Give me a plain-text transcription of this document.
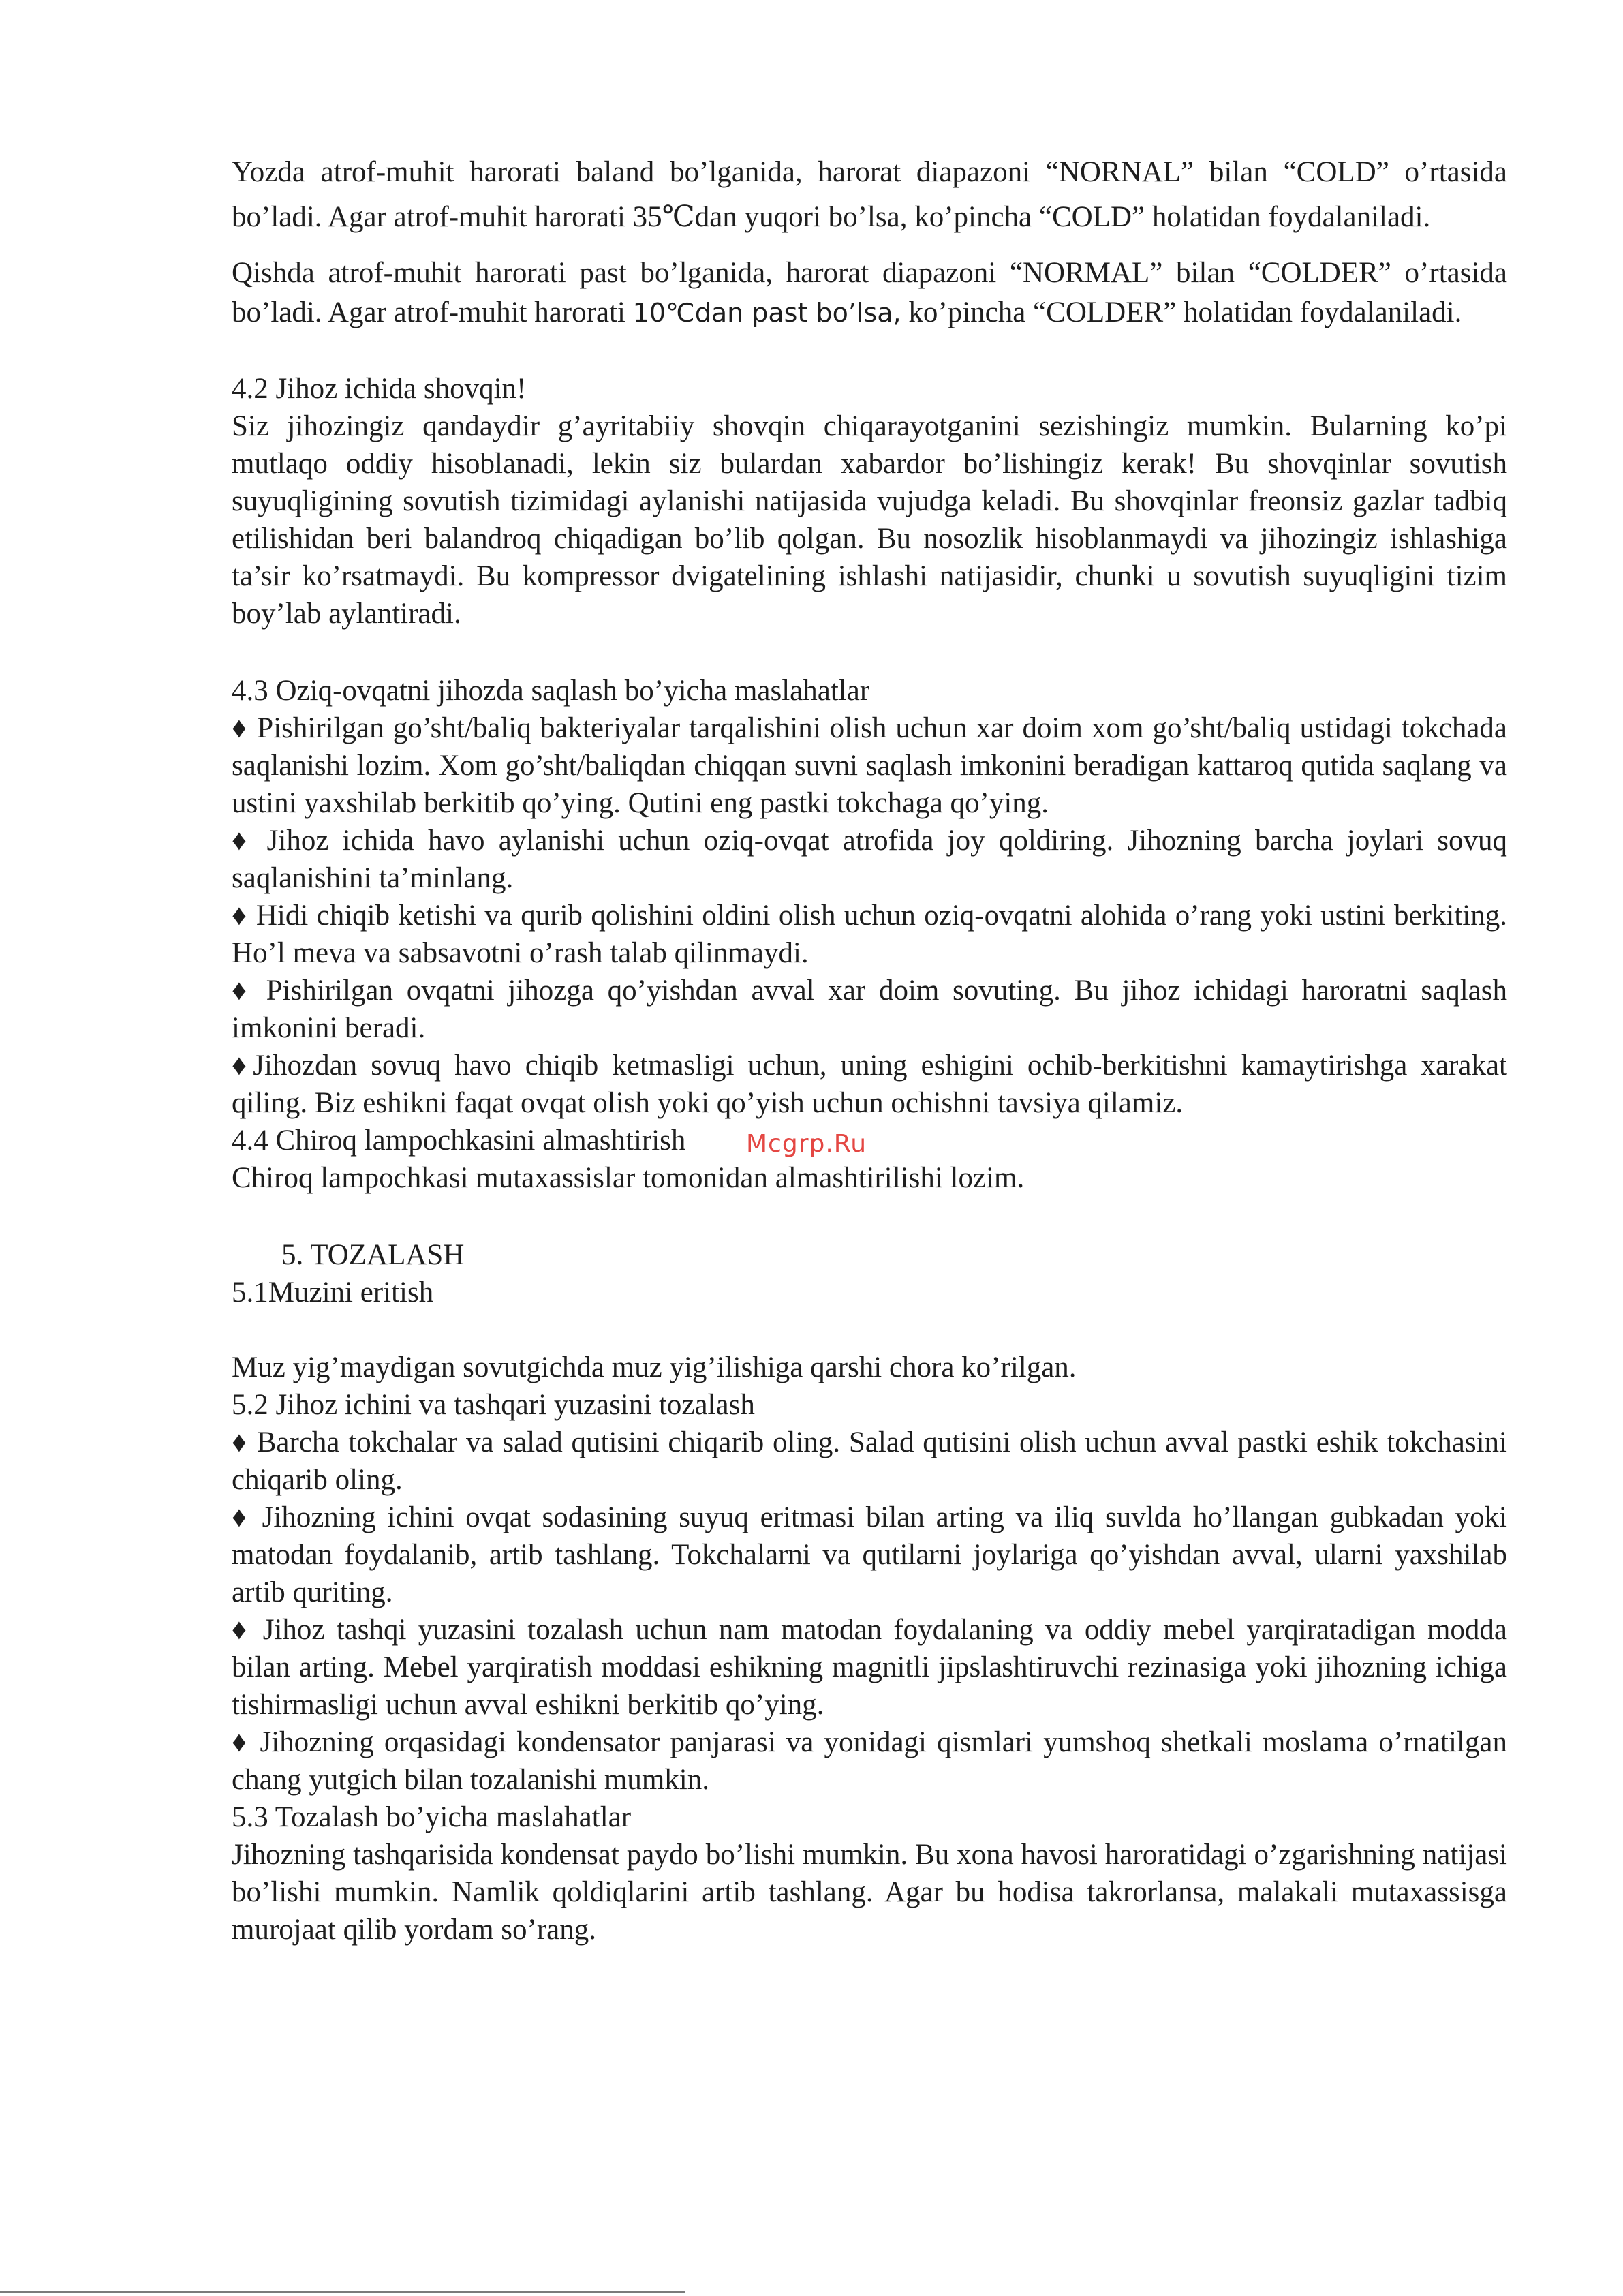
Yozda atrof-muhit harorati baland bo’lganida, harorat diapazoni “NORNAL” bilan “COLD” o’rtasida bo’ladi. Agar atrof-muhit harorati 35℃dan yuqori bo’lsa, ko’pincha “COLD” holatidan foydalaniladi.

Qishda atrof-muhit harorati past bo’lganida, harorat diapazoni “NORMAL” bilan “COLDER” o’rtasida bo’ladi. Agar atrof-muhit harorati 10℃dan past bo’lsa, ko’pincha “COLDER” holatidan foydalaniladi.

4.2 Jihoz ichida shovqin!

Siz jihozingiz qandaydir g’ayritabiiy shovqin chiqarayotganini sezishingiz mumkin. Bularning ko’pi mutlaqo oddiy hisoblanadi, lekin siz bulardan xabardor bo’lishingiz kerak! Bu shovqinlar sovutish suyuqligining sovutish tizimidagi aylanishi natijasida vujudga keladi. Bu shovqinlar freonsiz gazlar tadbiq etilishidan beri balandroq chiqadigan bo’lib qolgan. Bu nosozlik hisoblanmaydi va jihozingiz ishlashiga ta’sir ko’rsatmaydi. Bu kompressor dvigatelining ishlashi natijasidir, chunki u sovutish suyuqligini tizim boy’lab aylantiradi.

4.3 Oziq-ovqatni jihozda saqlash bo’yicha maslahatlar

♦ Pishirilgan go’sht/baliq bakteriyalar tarqalishini olish uchun xar doim xom go’sht/baliq ustidagi tokchada saqlanishi lozim. Xom go’sht/baliqdan chiqqan suvni saqlash imkonini beradigan kattaroq qutida saqlang va ustini yaxshilab berkitib qo’ying. Qutini eng pastki tokchaga qo’ying.

♦ Jihoz ichida havo aylanishi uchun oziq-ovqat atrofida joy qoldiring. Jihozning barcha joylari sovuq saqlanishini ta’minlang.

♦ Hidi chiqib ketishi va qurib qolishini oldini olish uchun oziq-ovqatni alohida o’rang yoki ustini berkiting. Ho’l meva va sabsavotni o’rash talab qilinmaydi.

♦ Pishirilgan ovqatni jihozga qo’yishdan avval xar doim sovuting. Bu jihoz ichidagi haroratni saqlash imkonini beradi.

♦Jihozdan sovuq havo chiqib ketmasligi uchun, uning eshigini ochib-berkitishni kamaytirishga xarakat qiling. Biz eshikni faqat ovqat olish yoki qo’yish uchun ochishni tavsiya qilamiz.

4.4 Chiroq lampochkasini almashtirish

Chiroq lampochkasi mutaxassislar tomonidan almashtirilishi lozim.

5. TOZALASH

5.1Muzini eritish

Muz yig’maydigan sovutgichda muz yig’ilishiga qarshi chora ko’rilgan.

5.2 Jihoz ichini va tashqari yuzasini tozalash

♦ Barcha tokchalar va salad qutisini chiqarib oling. Salad qutisini olish uchun avval pastki eshik tokchasini chiqarib oling.

♦ Jihozning ichini ovqat sodasining suyuq eritmasi bilan arting va iliq suvlda ho’llangan gubkadan yoki matodan foydalanib, artib tashlang. Tokchalarni va qutilarni joylariga qo’yishdan avval, ularni yaxshilab artib quriting.

♦ Jihoz tashqi yuzasini tozalash uchun nam matodan foydalaning va oddiy mebel yarqiratadigan modda bilan arting. Mebel yarqiratish moddasi eshikning magnitli jipslashtiruvchi rezinasiga yoki jihozning ichiga tishirmasligi uchun avval eshikni berkitib qo’ying.

♦ Jihozning orqasidagi kondensator panjarasi va yonidagi qismlari yumshoq shetkali moslama o’rnatilgan chang yutgich bilan tozalanishi mumkin.

5.3 Tozalash bo’yicha maslahatlar

Jihozning tashqarisida kondensat paydo bo’lishi mumkin. Bu xona havosi haroratidagi o’zgarishning natijasi bo’lishi mumkin. Namlik qoldiqlarini artib tashlang. Agar bu hodisa takrorlansa, malakali mutaxassisga murojaat qilib yordam so’rang.

Mcgrp.Ru
